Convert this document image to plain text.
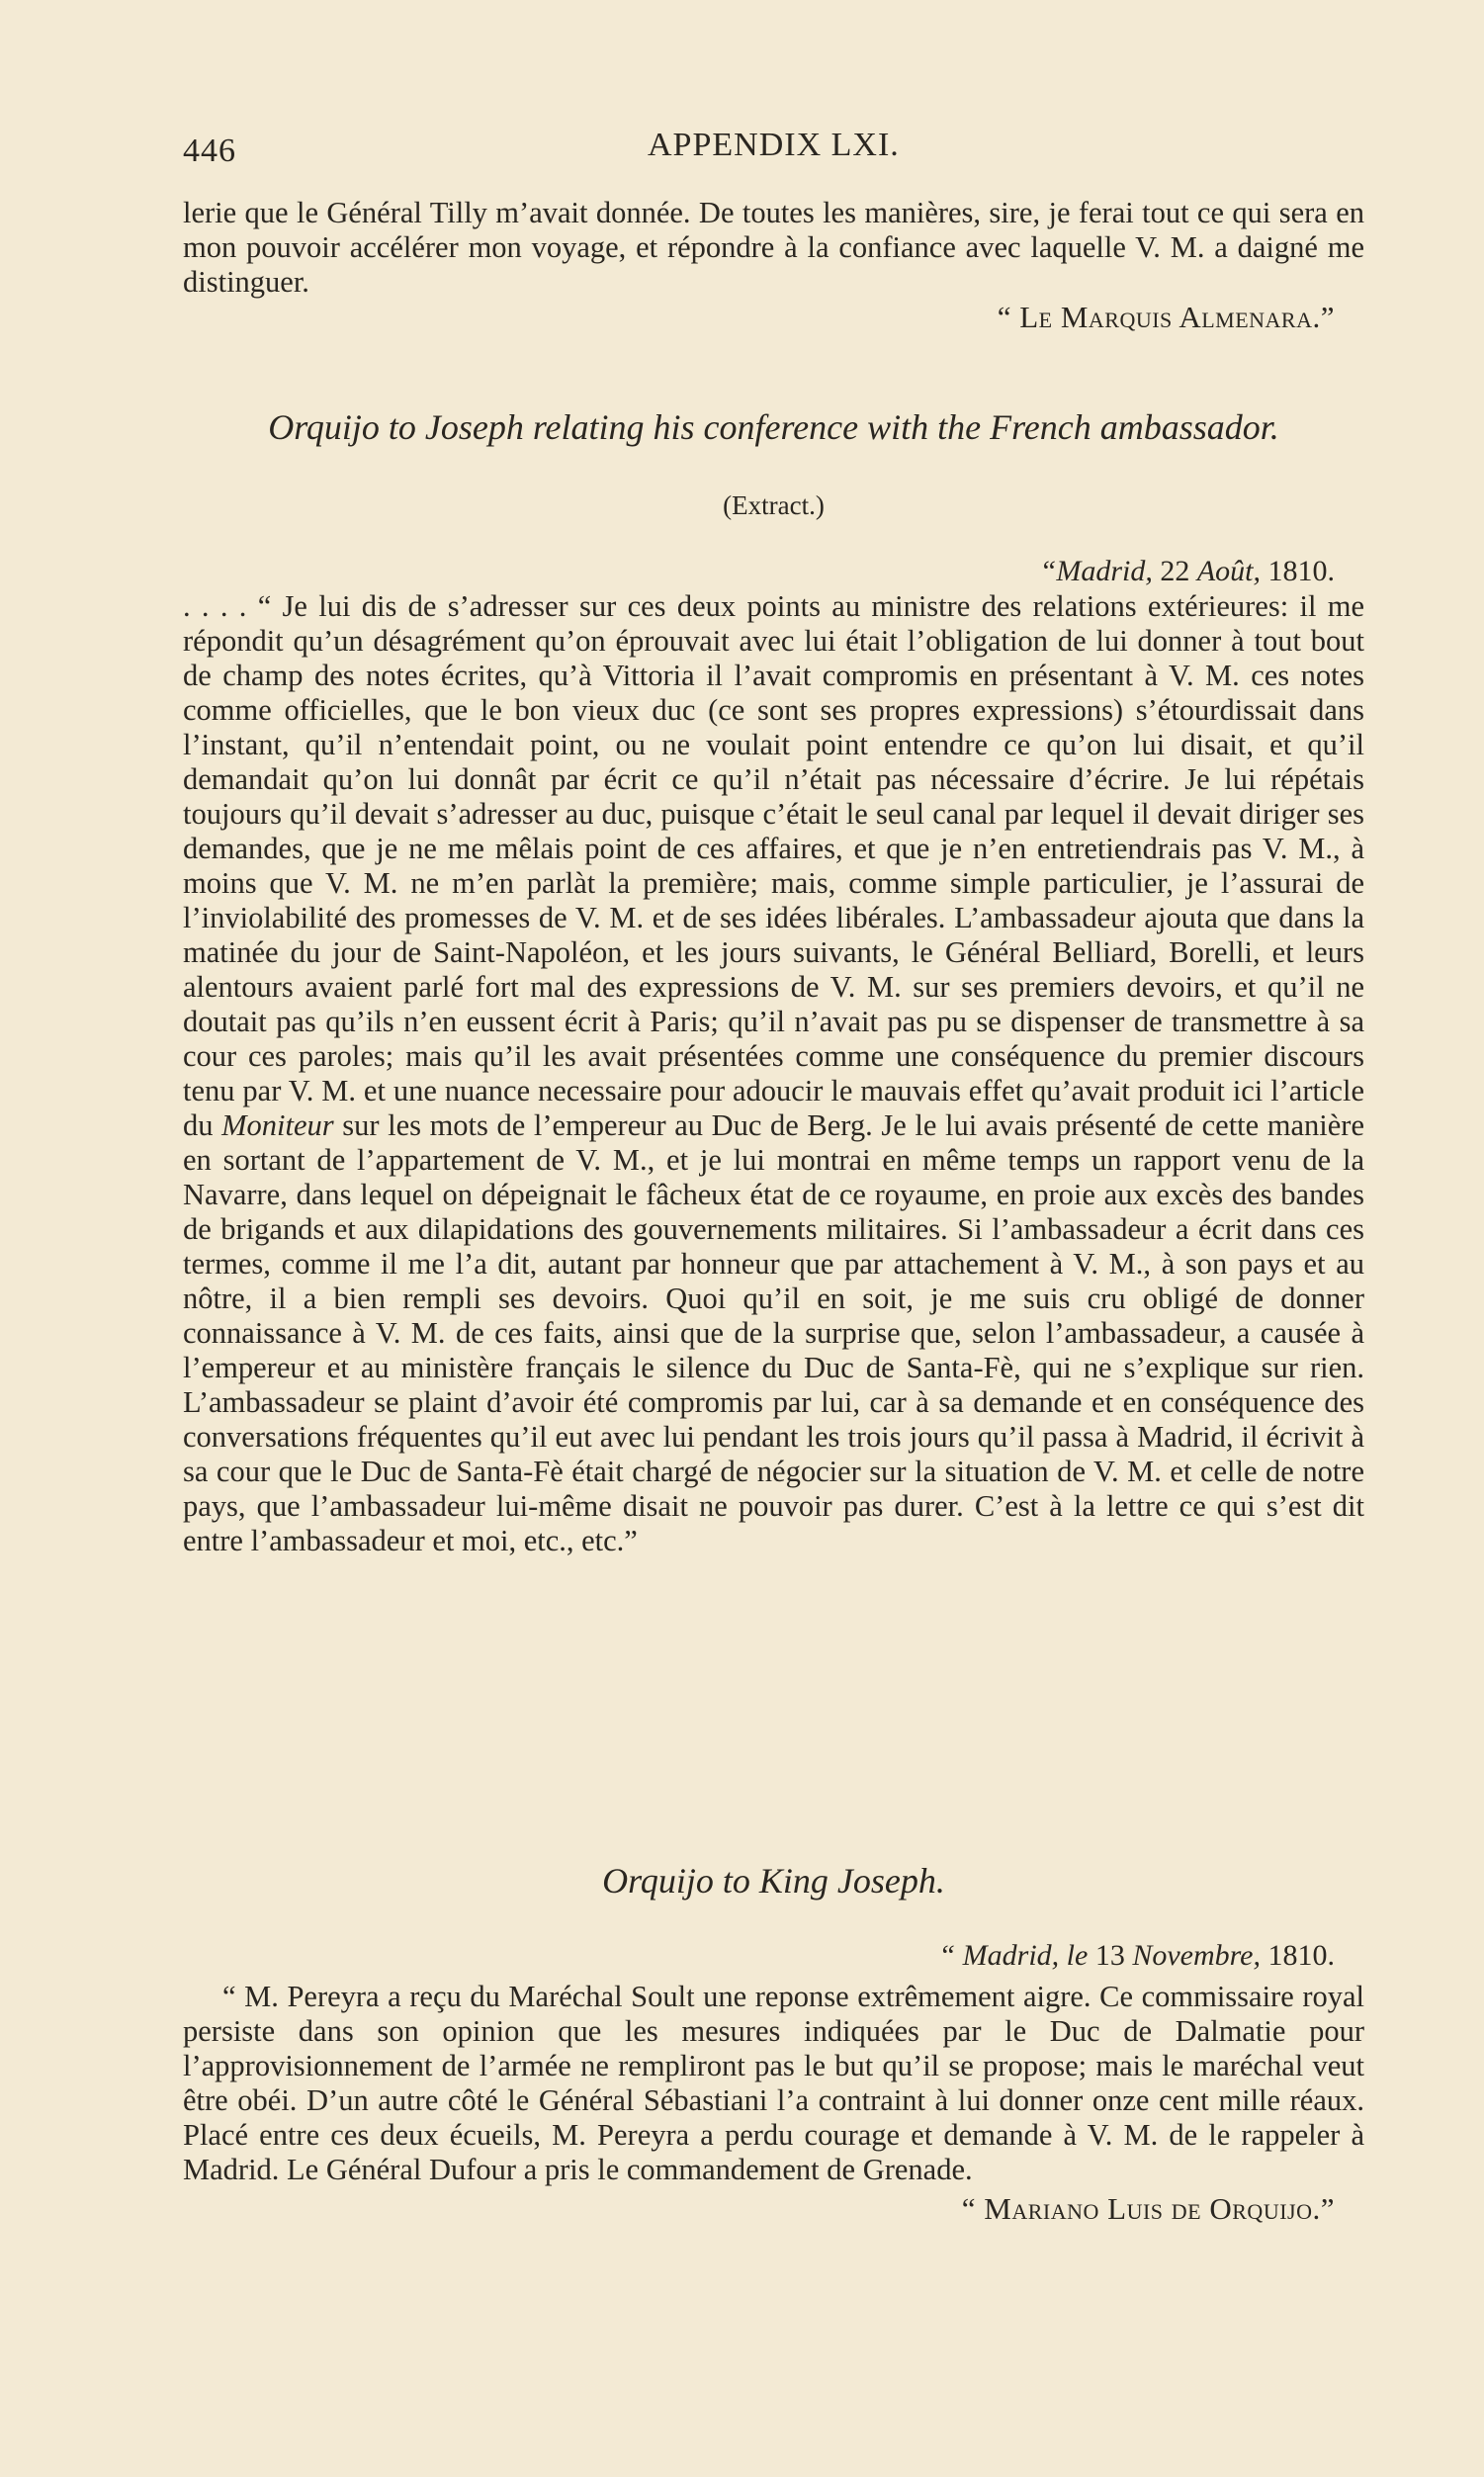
446	APPENDIX LXI.

lerie que le Général Tilly m’avait donnée. De toutes les manières, sire, je ferai tout ce qui sera en mon pouvoir accélérer mon voyage, et répondre à la confiance avec laquelle V. M. a daigné me distinguer.

“ Le Marquis Almenara.”

Orquijo to Joseph relating his conference with the French ambassador.

(Extract.)

“Madrid, 22 Août, 1810.

. . . . “ Je lui dis de s’adresser sur ces deux points au ministre des relations extérieures: il me répondit qu’un désagrément qu’on éprouvait avec lui était l’obligation de lui donner à tout bout de champ des notes écrites, qu’à Vittoria il l’avait compromis en présentant à V. M. ces notes comme officielles, que le bon vieux duc (ce sont ses propres expressions) s’étourdissait dans l’instant, qu’il n’entendait point, ou ne voulait point entendre ce qu’on lui disait, et qu’il demandait qu’on lui donnât par écrit ce qu’il n’était pas nécessaire d’écrire. Je lui répétais toujours qu’il devait s’adresser au duc, puisque c’était le seul canal par lequel il devait diriger ses demandes, que je ne me mêlais point de ces affaires, et que je n’en entretiendrais pas V. M., à moins que V. M. ne m’en parlàt la première; mais, comme simple particulier, je l’assurai de l’inviolabilité des promesses de V. M. et de ses idées libérales. L’ambassadeur ajouta que dans la matinée du jour de Saint-Napoléon, et les jours suivants, le Général Belliard, Borelli, et leurs alentours avaient parlé fort mal des expressions de V. M. sur ses premiers devoirs, et qu’il ne doutait pas qu’ils n’en eussent écrit à Paris; qu’il n’avait pas pu se dispenser de transmettre à sa cour ces paroles; mais qu’il les avait présentées comme une conséquence du premier discours tenu par V. M. et une nuance necessaire pour adoucir le mauvais effet qu’avait produit ici l’article du Moniteur sur les mots de l’empereur au Duc de Berg. Je le lui avais présenté de cette manière en sortant de l’appartement de V. M., et je lui montrai en même temps un rapport venu de la Navarre, dans lequel on dépeignait le fâcheux état de ce royaume, en proie aux excès des bandes de brigands et aux dilapidations des gouvernements militaires. Si l’ambassadeur a écrit dans ces termes, comme il me l’a dit, autant par honneur que par attachement à V. M., à son pays et au nôtre, il a bien rempli ses devoirs. Quoi qu’il en soit, je me suis cru obligé de donner connaissance à V. M. de ces faits, ainsi que de la surprise que, selon l’ambassadeur, a causée à l’empereur et au ministère français le silence du Duc de Santa-Fè, qui ne s’explique sur rien. L’ambassadeur se plaint d’avoir été compromis par lui, car à sa demande et en conséquence des conversations fréquentes qu’il eut avec lui pendant les trois jours qu’il passa à Madrid, il écrivit à sa cour que le Duc de Santa-Fè était chargé de négocier sur la situation de V. M. et celle de notre pays, que l’ambassadeur lui-même disait ne pouvoir pas durer. C’est à la lettre ce qui s’est dit entre l’ambassadeur et moi, etc., etc.”

Orquijo to King Joseph.

“ Madrid, le 13 Novembre, 1810.

“ M. Pereyra a reçu du Maréchal Soult une reponse extrêmement aigre. Ce commissaire royal persiste dans son opinion que les mesures indiquées par le Duc de Dalmatie pour l’approvisionnement de l’armée ne rempliront pas le but qu’il se propose; mais le maréchal veut être obéi. D’un autre côté le Général Sébastiani l’a contraint à lui donner onze cent mille réaux. Placé entre ces deux écueils, M. Pereyra a perdu courage et demande à V. M. de le rappeler à Madrid. Le Général Dufour a pris le commandement de Grenade.

“ Mariano Luis de Orquijo.”
